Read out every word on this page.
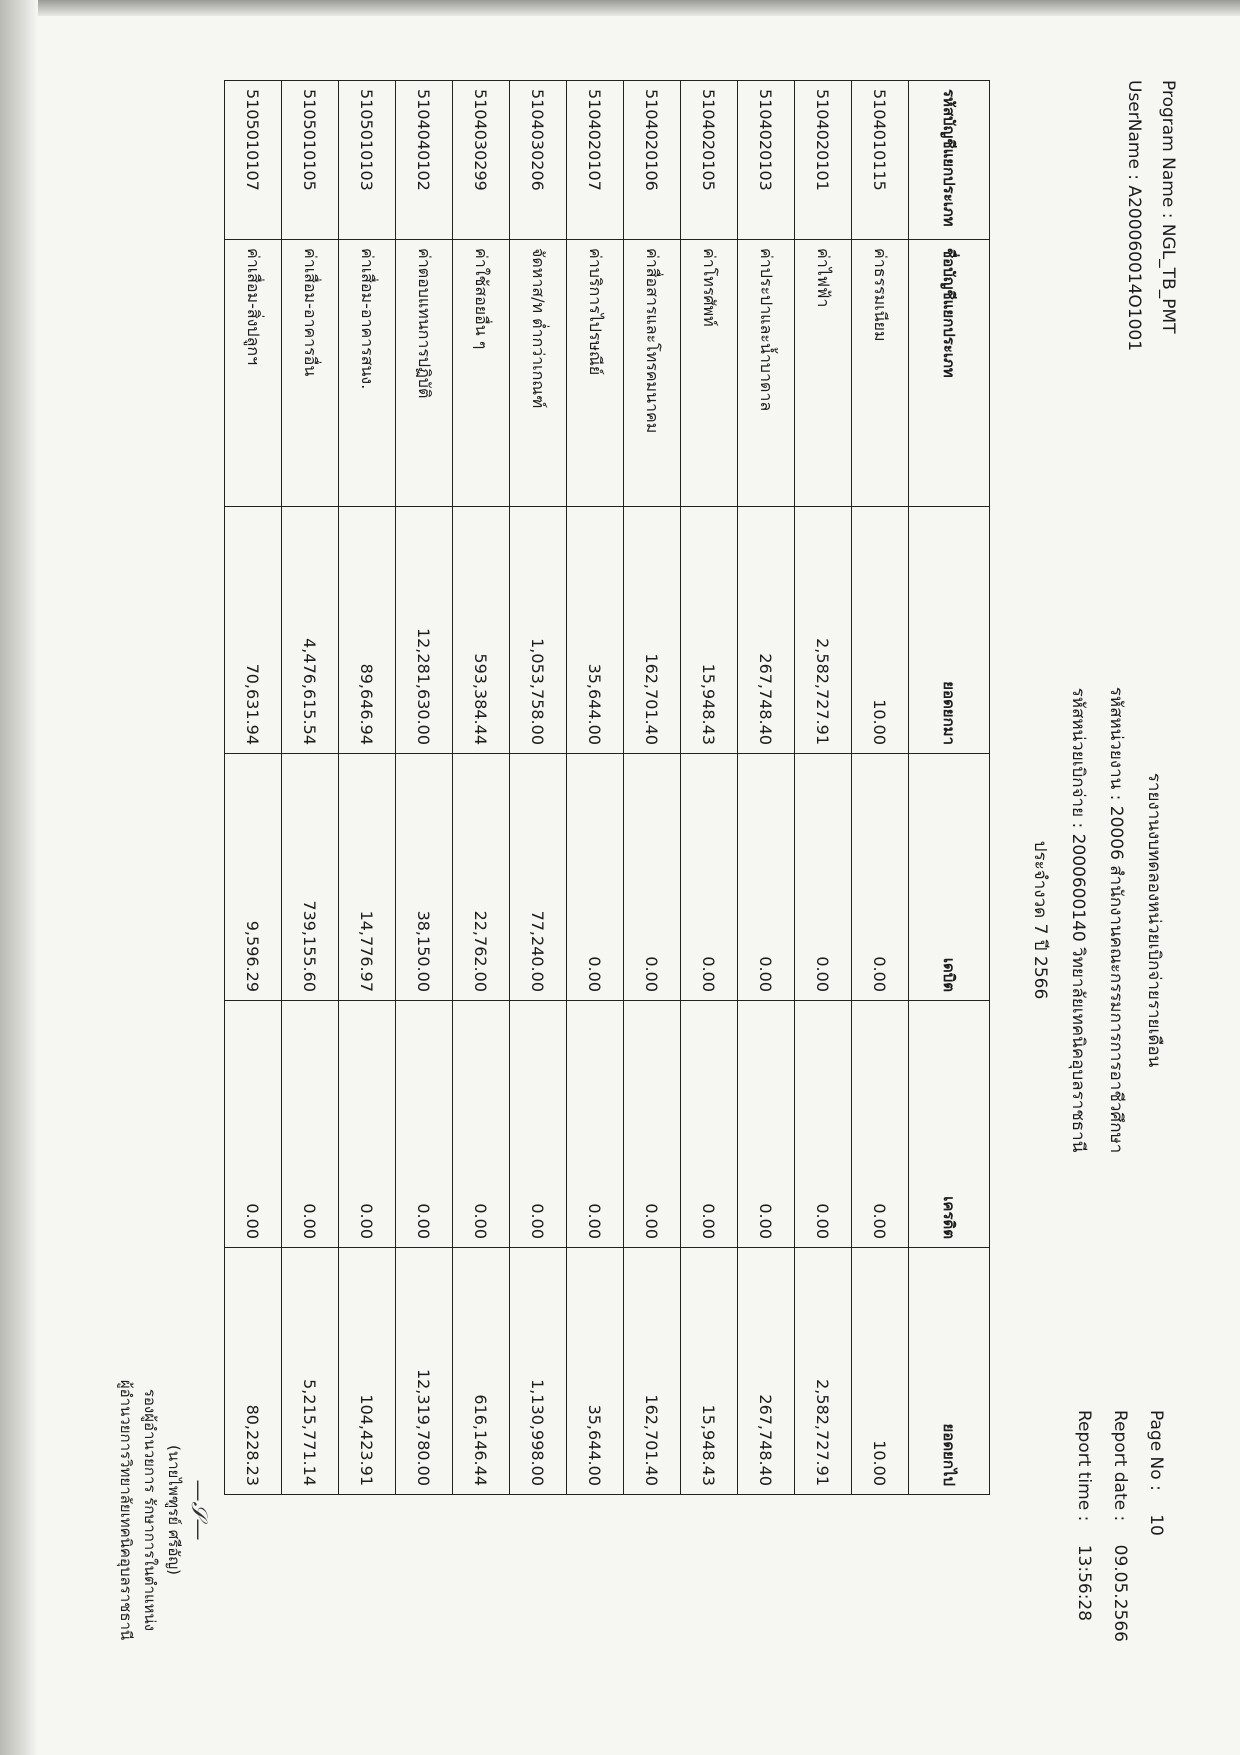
Program Name : NGL_TB_PMT
UserName : A200060014O1001
รายงานงบทดลองหน่วยเบิกจ่ายรายเดือน
รหัสหน่วยงาน : 20006 สำนักงานคณะกรรมการการอาชีวศึกษา
รหัสหน่วยเบิกจ่าย : 2000600140 วิทยาลัยเทคนิคอุบลราชธานี
ประจำงวด 7 ปี 2566
Page No : 10
Report date : 09.05.2566
Report time : 13:56:28
รหัสบัญชีแยกประเภท	ชื่อบัญชีแยกประเภท	ยอดยกมา	เดบิต	เครดิต	ยอดยกไป
5104010115	ค่าธรรมเนียม	10.00	0.00	0.00	10.00
5104020101	ค่าไฟฟ้า	2,582,727.91	0.00	0.00	2,582,727.91
5104020103	ค่าประปาและน้ำบาดาล	267,748.40	0.00	0.00	267,748.40
5104020105	ค่าโทรศัพท์	15,948.43	0.00	0.00	15,948.43
5104020106	ค่าสื่อสารและโทรคมนาคม	162,701.40	0.00	0.00	162,701.40
5104020107	ค่าบริการไปรษณีย์	35,644.00	0.00	0.00	35,644.00
5104030206	จัดหาส/ท ต่ำกว่าเกณฑ์	1,053,758.00	77,240.00	0.00	1,130,998.00
5104030299	ค่าใช้สอยอื่น ๆ	593,384.44	22,762.00	0.00	616,146.44
5104040102	ค่าตอบแทนการปฏิบัติ	12,281,630.00	38,150.00	0.00	12,319,780.00
5105010103	ค่าเสื่อม-อาคารสนง.	89,646.94	14,776.97	0.00	104,423.91
5105010105	ค่าเสื่อม-อาคารอื่น	4,476,615.54	739,155.60	0.00	5,215,771.14
5105010107	ค่าเสื่อม-สิ่งปลูกฯ	70,631.94	9,596.29	0.00	80,228.23
—𝒮—
(นายไพฑูรย์ ศรีอัญ)
รองผู้อำนวยการ รักษาการในตำแหน่ง
ผู้อำนวยการวิทยาลัยเทคนิคอุบลราชธานี
